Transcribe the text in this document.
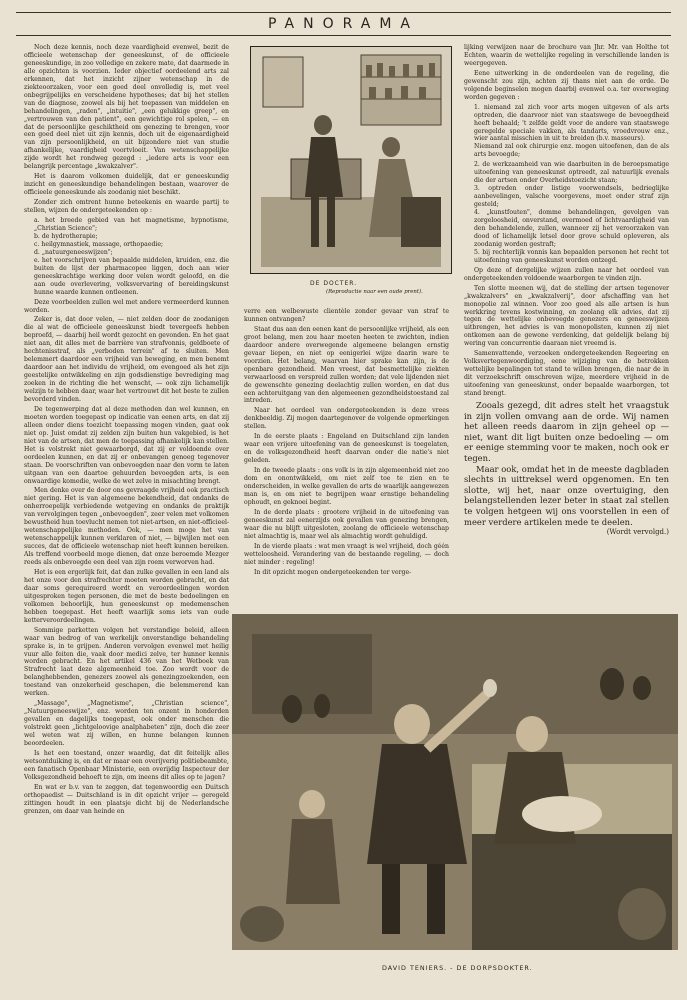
PANORAMA

Noch deze kennis, noch deze vaardigheid evenwel, bezit de officieele wetenschap der geneeskunst, of de officieele geneeskundige, in zoo volledige en zekere mate, dat daarmede in alle opzichten is voorzien. Ieder objectief oordeelend arts zal erkennen, dat het inzicht zijner wetenschap in de ziekteoorzaken, voor een goed deel onvolledig is, met veel onbegrijpelijks en verscheidene hypotheses; dat bij het stellen van de diagnose, zoowel als bij het toepassen van middelen en behandelingen, „raden", „intuitie", „een gelukkige greep", en „vertrouwen van den patient", een gewichtige rol spelen, — en dat de persoonlijke geschiktheid om genezing te brengen, voor een goed deel niet uit zijn kennis, doch uit de eigenaardigheid van zijn persoonlijkheid, en uit bijzondere niet van studie afhankelijke, vaardigheid voortvloeit. Van wetenschappelijke zijde wordt het rondweg gezegd : „iedere arts is voor een belangrijk percentage „kwakzalver".

Het is daarom volkomen duidelijk, dat er geneeskundig inzicht en geneeskundige behandelingen bestaan, waarover de officieele geneeskunde als zoodanig niet beschikt.

Zonder zich omtrent hunne beteekenis en waarde partij te stellen, wijzen de ondergeteekenden op :

a. het breede gebied van het magnetisme, hypnotisme, „Christian Science";
b. de hydrotherapie;
c. heilgymnastiek, massage, orthopaedie;
d. „natuurgeneeswijzen";
e. het voorschrijven van bepaalde middelen, kruiden, enz. die buiten de lijst der pharmacopee liggen, doch aan wier geneeskrachtige werking door velen wordt geloofd, en die aan oude overlevering, volksvervaring of bereidingskunst hunne waarde kunnen ontleenen.

Deze voorbeelden zullen wel met andere vermeerderd kunnen worden.

Zeker is, dat door velen, — niet zelden door de zoodanigen die al wat de officieele geneeskunst biedt tevergeefs hebben beproefd, — daarbij heil wordt gezocht en gevonden. En het gaat niet aan, dit alles met de barrière van strafvonnis, geldboete of hechtenisstraf, als „verboden terrein" af te sluiten. Men belemmert daardoor een vrijheid van beweging, en men benemt daardoor aan het individu de vrijheid, om evengoed als het zijn geestelijke ontwikkeling en zijn godsdienstige bevrediging mag zoeken in de richting die het wenscht, — ook zijn lichamelijk welzijn te hebben daar, waar het vertrouwt dit het beste te zullen bevorderd vinden.

De tegenwerping dat al deze methoden dan wel kunnen, en moeten worden toegepast op indicatie van eenen arts, en dat zij alleen onder diens toezicht toepassing mogen vinden, gaat ook niet op. Juist omdat zij zelden zijn buiten hun vakgebied, is het niet van de artsen, dat men de toepassing afhankelijk kan stellen. Het is volstrekt niet gewaarborgd, dat zij er voldoende over oordeelen kunnen, en dat zij er onbevangen genoeg tegenover staan. De voorschriften van onbevoegden naar den vorm te laten uitgaan van een daartoe gehuurden bevoegden arts, is een onwaardige komedie, welke de wet zelve in misachting brengt.

Men denke over de door ons gevraagde vrijheid ook practisch niet gering. Het is van algemeene bekendheid, dat ondanks de onherroepelijk verbiedende wetgeving en ondanks de praktijk van vervolgingen tegen „onbevoegden", zeer velen met volkomen bewustheid hun toevlucht nemen tot niet-artsen, en niet-officieel-wetenschappelijke methoden. Ook, — men moge het van wetenschappelijk kunnen verklaren of niet, — bijwijlen met een succes, dat de officieele wetenschap niet heeft kunnen bereiken. Als treffend voorbeeld moge dienen, dat onze beroemde Mezger reeds als onbevoegde een deel van zijn roem verworven had.

Het is een ergerlijk feit, dat dan zulke gevallen in een land als het onze voor den strafrechter moeten worden gebracht, en dat daar soms gerequireerd wordt en veroordeelingen worden uitgesproken tegen personen, die met de beste bedoelingen en volkomen behoorlijk, hun geneeskunst op medemenschen hebben toegepast. Het heeft waarlijk soms iets van oude ketterveroordeelingen.

Sommige parketten volgen het verstandige beleid, alleen waar van bedrog of van werkelijk onverstandige behandeling sprake is, in te grijpen. Anderen vervolgen evenwel met heilig vuur alle feiten die, vaak door medici zelve, ter hunner kennis worden gebracht. En het artikel 436 van het Wetboek van Strafrecht laat deze algemeenheid toe. Zoo wordt voor de belanghebbenden, genezers zoowel als genezingzoekenden, een toestand van onzekerheid geschapen, die belemmerend kan werken.

„Massage", „Magnetisme", „Christian science", „Natuurgeneeswijze", enz. worden ten onzent in honderden gevallen en dagelijks toegepast, ook onder menschen die volstrekt geen „lichtgeloovige analphabeten" zijn, doch die zeer wel weten wat zij willen, en hunne belangen kunnen beoordeelen.

Is het een toestand, onzer waardig, dat dit feitelijk alles wetsontduiking is, en dat er maar een overijverig politiebeambte, een fanatisch Openbaar Ministerie, een overijdig Inspecteur der Volksgezondheid behoeft te zijn, om ineens dit alles op te jagen?

En wat er b.v. van te zeggen, dat tegenwoordig een Duitsch orthopaedist — Duitschland is in dit opzicht vrijer — geregeld zittingen houdt in een plaatsje dicht bij de Nederlandsche grenzen, om daar van heinde en

DE DOCTER.
(Reproductie naar een oude prent).

verre een welbewuste clientèle zonder gevaar van straf te kunnen ontvangen?

Staat dus aan den eenen kant de persoonlijke vrijheid, als een groot belang, men zou haar moeten heeten te zwichten, indien daardoor andere overwegende algemeene belangen ernstig gevaar liepen, en niet op eenigerlei wijze daarin ware te voorzien. Het belang, waarvan hier sprake kan zijn, is de openbare gezondheid. Men vreest, dat besmettelijke ziekten verwaarloosd en verspreid zullen worden; dat vele lijdenden niet de gewenschte genezing deelachtig zullen worden, en dat dus een achteruitgang van den algemeenen gezondheidstoestand zal intreden.

Naar het oordeel van ondergeteekenden is deze vrees denkbeeldig. Zij mogen daartegenover de volgende opmerkingen stellen.

In de eerste plaats : Engeland en Duitschland zijn landen waar een vrijere uitoefening van de geneeskunst is toegelaten, en de volksgezondheid heeft daarvan onder die natie's niet geleden.

In de tweede plaats : ons volk is in zijn algemeenheid niet zoo dom en onontwikkeld, om niet zelf toe te zien en te onderscheiden, in welke gevallen de arts de waarlijk aangewezen man is, en om niet te begrijpen waar ernstige behandeling ophoudt, en geknoei begint.

In de derde plaats : grootere vrijheid in de uitoefening van geneeskunst zal eenerzijds ook gevallen van genezing brengen, waar die nu blijft uitgesloten, zoolang de officieele wetenschap niet almachtig is, maar wel als almachtig wordt gehuldigd.

In de vierde plaats : wat men vraagt is wel vrijheid, doch géén wetteloosheid. Verandering van de bestaande regeling, — doch niet minder : regeling!

In dit opzicht mogen ondergeteekenden ter verge-

lijking verwijzen naar de brochure van Jhr. Mr. van Holthe tot Echten, waarin de wettelijke regeling in verschillende landen is weergegeven.

Eene uitwerking in de onderdeelen van de regeling, die gewenscht zou zijn, achten zij thans niet aan de orde. De volgende beginselen mogen daarbij evenwel o.a. ter overweging worden gegeven :

1. niemand zal zich voor arts mogen uitgeven of als arts optreden, die daarvoor niet van staatswege de bevoegdheid heeft behaald; 't zelfde geldt voor de andere van staatswege geregelde speciale vakken, als tandarts, vroedvrouw enz., wier aantal misschien in uit te breiden (b.v. masseurs).
Niemand zal ook chirurgie enz. mogen uitoefenen, dan de als arts bevoegde;
2. de werkzaamheid van wie daarbuiten in de beroepsmatige uitoefening van geneeskunst optreedt, zal natuurlijk evenals die der artsen onder Overheidstoezicht staan;
3. optreden onder listige voorwendsels, bedrieglijke aanbevelingen, valsche voorgevens, moet onder straf zijn gesteld;
4. „kunstfouten", domme behandelingen, gevolgen van zorgeloosheid, onverstand, overmoed of lichtvaardigheid van den behandelende, zullen, wanneer zij het veroorzaken van dood of lichamelijk letsel door grove schuld opleveren, als zoodanig worden gestraft;
5. bij rechterlijk vonnis kan bepaalden personen het recht tot uitoefening van geneeskunst worden ontzegd.

Op deze of dergelijke wijzen zullen naar het oordeel van ondergeteekenden voldoende waarborgen te vinden zijn.

Ten slotte meenen wij, dat de stelling der artsen tegenover „kwakzalvers" en „kwakzalverij", door afschaffing van het monopolie zal winnen. Voor zoo goed als alle artsen is hun werkkring tevens kostwinning, en zoolang elk advies, dat zij tegen de wettelijke onbevoegde genezers en geneeswijzen uitbrengen, het advies is van monopolisten, kunnen zij niet ontkomen aan de gewone verdenking, dat geldelijk belang bij wering van concurrentie daaraan niet vreemd is.

Samenvattende, verzoeken ondergeteekenden Regeering en Volksvertegenwoordiging, eene wijziging van de betrokken wettelijke bepalingen tot stand te willen brengen, die naar de in dit verzoekschrift omschreven wijze, meerdere vrijheid in de uitoefening van geneeskunst, onder bepaalde waarborgen, tot stand brengt.

Zooals gezegd, dit adres stelt het vraagstuk in zijn vollen omvang aan de orde. Wij namen het alleen reeds daarom in zijn geheel op — niet, want dit ligt buiten onze bedoeling — om er eenige stemming voor te maken, noch ook er tegen.

Maar ook, omdat het in de meeste dagbladen slechts in uittreksel werd opgenomen. En ten slotte, wij het, naar onze overtuiging, den belangstellenden lezer beter in staat zal stellen te volgen hetgeen wij ons voorstellen in een of meer verdere artikelen mede te deelen.

(Wordt vervolgd.)
DAVID TENIERS. - DE DORPSDOKTER.
